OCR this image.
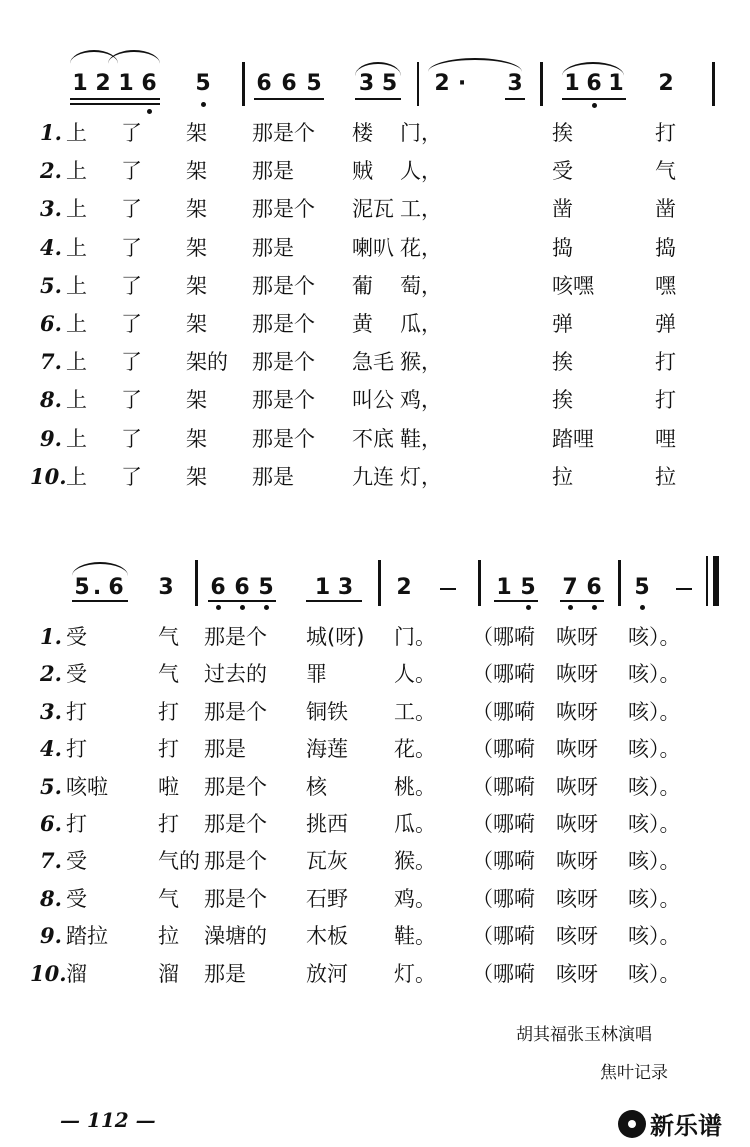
1 2 1 6 5 6 6 5 3 5 2 · 3 1 6 1 2
1. 上 了 架 那是个 楼 门，	挨	打
2. 上 了 架 那是	贼 人，	受	气
3. 上 了 架 那是个 泥瓦 工，	凿	凿
4. 上 了 架 那是	喇叭 花，	捣	捣
5. 上 了 架 那是个 葡 萄，	咳嘿	嘿
6. 上 了 架 那是个 黄 瓜，	弹	弹
7. 上 了 架的 那是个 急毛 猴，	挨	打
8. 上 了 架 那是个 叫公 鸡，	挨	打
9. 上 了 架 那是个 不底 鞋，	踏哩	哩
10. 上 了 架 那是	九连 灯，	拉	拉
5 . 6 3 6 6 5	1 3	2	1 5 7 6 5
1. 受	气 那是个 城(呀) 门。 （哪嗬 咴呀 咳）。
2. 受	气 过去的 罪	人。 （哪嗬 咴呀 咳）。
3. 打	打 那是个 铜铁 工。 （哪嗬 咴呀 咳）。
4. 打	打 那是	海莲 花。 （哪嗬 咴呀 咳）。
5. 咳啦 啦 那是个 核	桃。 （哪嗬 咴呀 咳）。
6. 打	打 那是个 挑西 瓜。 （哪嗬 咴呀 咳）。
7. 受	气的 那是个 瓦灰 猴。 （哪嗬 咴呀 咳）。
8. 受	气 那是个 石野 鸡。 （哪嗬 咳呀 咳）。
9. 踏拉 拉 澡塘的 木板 鞋。 （哪嗬 咳呀 咳）。
10. 溜	溜 那是	放河 灯。 （哪嗬 咳呀 咳）。
胡其福张玉林演唱
焦叶记录
— 112 —	新乐谱
